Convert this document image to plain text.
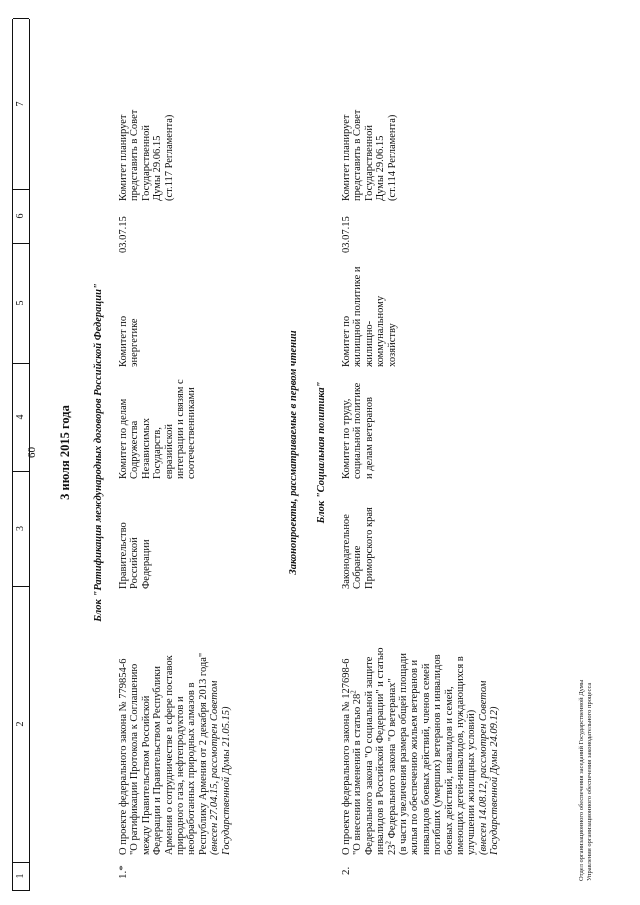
60
1
2
3
4
5
6
7
3 июля 2015 года Блок "Ратификация международных договоров Российской Федерации"
1.*
О проекте федерального закона № 779854-6 "О ратификации Протокола к Соглашению между Правительством Российской Федерации и Правительством Республики Армения о сотрудничестве в сфере поставок природного газа, нефтепродуктов и необработанных природных алмазов в Республику Армения от 2 декабря 2013 года" (внесен 27.04.15, рассмотрен Советом Государственной Думы 21.05.15)
Правительство Российской Федерации
Комитет по делам Содружества Независимых Государств, евразийской интеграции и связям с соотечественниками
Комитет по энергетике
03.07.15
Комитет планирует представить в Совет Государственной Думы 29.06.15 (ст.117 Регламента)
Законопроекты, рассматриваемые в первом чтении Блок "Социальная политика"
2.
О проекте федерального закона № 127698-6 "О внесении изменений в статью $28^2$ Федерального закона "О социальной защите инвалидов в Российской Федерации" и статью $23^2$ Федерального закона "О ветеранах" (в части увеличения размера общей площади жилья по обеспечению жильем ветеранов и инвалидов боевых действий, членов семей погибших (умерших) ветеранов и инвалидов боевых действий, инвалидов и семей, имеющих детей-инвалидов, нуждающихся в улучшении жилищных условий) (внесен 14.08.12, рассмотрен Советом Государственной Думы 24.09.12)
Законодательное Собрание Приморского края
Комитет по труду, социальной политике и делам ветеранов
Комитет по жилищной политике и жилищно- коммунальному хозяйству
03.07.15
Комитет планирует представить в Совет Государственной Думы 29.06.15 (ст.114 Регламента)
Отдел организационного обеспечения заседаний Государственной Думы Управления организационного обеспечения законодательного процесса
